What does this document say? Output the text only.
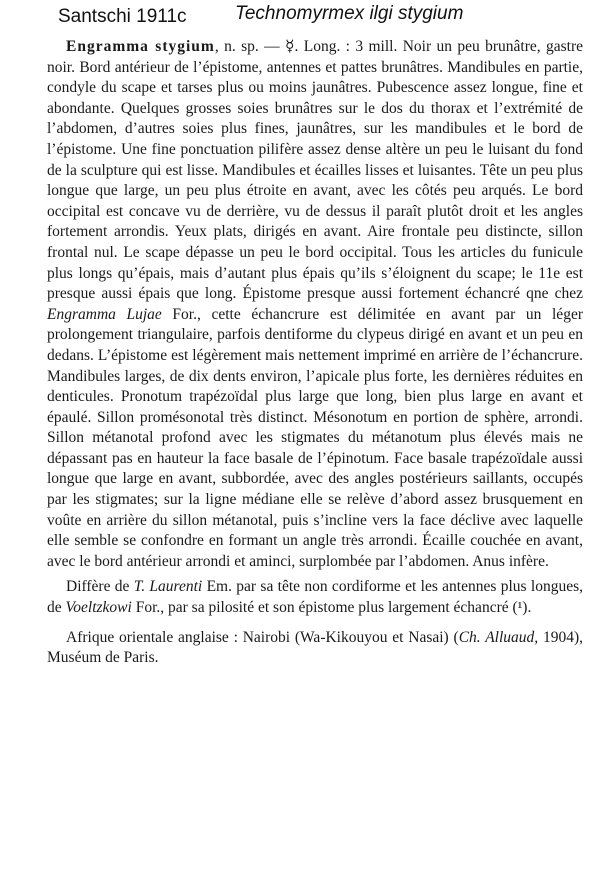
Santschi 1911c	Technomyrmex ilgi stygium

Engramma stygium, n. sp. — ☿. Long. : 3 mill. Noir un peu brunâtre, gastre noir. Bord antérieur de l’épistome, antennes et pattes brunâtres. Mandibules en partie, condyle du scape et tarses plus ou moins jaunâtres. Pubescence assez longue, fine et abondante. Quelques grosses soies brunâtres sur le dos du thorax et l’extrémité de l’abdomen, d’autres soies plus fines, jaunâtres, sur les mandibules et le bord de l’épistome. Une fine ponctuation pilifère assez dense altère un peu le luisant du fond de la sculpture qui est lisse. Mandibules et écailles lisses et luisantes. Tête un peu plus longue que large, un peu plus étroite en avant, avec les côtés peu arqués. Le bord occipital est concave vu de derrière, vu de dessus il paraît plutôt droit et les angles fortement arrondis. Yeux plats, dirigés en avant. Aire frontale peu distincte, sillon frontal nul. Le scape dépasse un peu le bord occipital. Tous les articles du funicule plus longs qu’épais, mais d’autant plus épais qu’ils s’éloignent du scape; le 11e est presque aussi épais que long. Épistome presque aussi fortement échancré qne chez Engramma Lujae For., cette échancrure est délimitée en avant par un léger prolongement triangulaire, parfois dentiforme du clypeus dirigé en avant et un peu en dedans. L’épistome est légèrement mais nettement imprimé en arrière de l’échancrure. Mandibules larges, de dix dents environ, l’apicale plus forte, les dernières réduites en denticules. Pronotum trapézoïdal plus large que long, bien plus large en avant et épaulé. Sillon promésonotal très distinct. Mésonotum en portion de sphère, arrondi. Sillon métanotal profond avec les stigmates du métanotum plus élevés mais ne dépassant pas en hauteur la face basale de l’épinotum. Face basale trapézoïdale aussi longue que large en avant, subbordée, avec des angles postérieurs saillants, occupés par les stigmates; sur la ligne médiane elle se relève d’abord assez brusquement en voûte en arrière du sillon métanotal, puis s’incline vers la face déclive avec laquelle elle semble se confondre en formant un angle très arrondi. Écaille couchée en avant, avec le bord antérieur arrondi et aminci, surplombée par l’abdomen. Anus infère.

Diffère de T. Laurenti Em. par sa tête non cordiforme et les antennes plus longues, de Voeltzkowi For., par sa pilosité et son épistome plus largement échancré (¹).

Afrique orientale anglaise : Nairobi (Wa-Kikouyou et Nasai) (Ch. Alluaud, 1904), Muséum de Paris.
